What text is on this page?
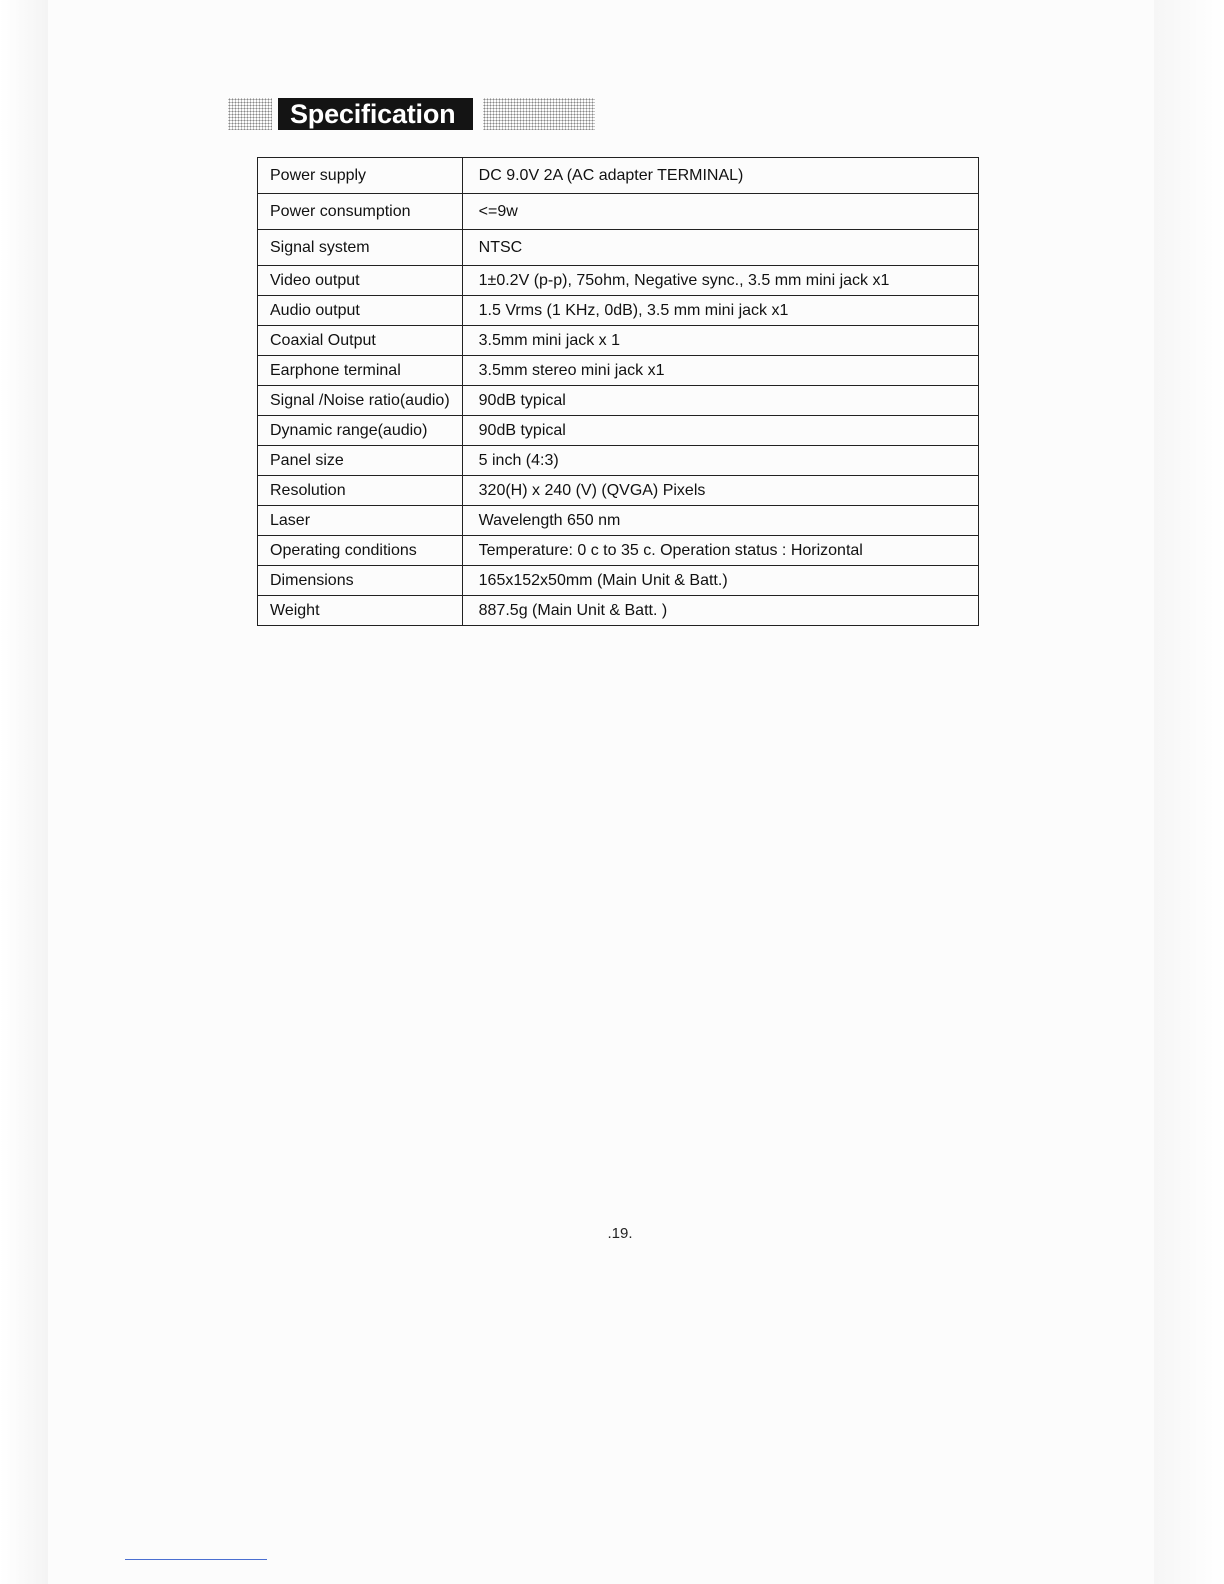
Specification
Power supply	DC 9.0V 2A (AC adapter TERMINAL)
Power consumption	<=9w
Signal system	NTSC
Video output	1±0.2V (p-p), 75ohm, Negative sync., 3.5 mm mini jack x1
Audio output	1.5 Vrms (1 KHz, 0dB), 3.5 mm mini jack x1
Coaxial Output	3.5mm mini jack x 1
Earphone terminal	3.5mm stereo mini jack x1
Signal /Noise ratio(audio)	90dB typical
Dynamic range(audio)	90dB typical
Panel size	5 inch (4:3)
Resolution	320(H) x 240 (V) (QVGA) Pixels
Laser	Wavelength 650 nm
Operating conditions	Temperature: 0 c to 35 c. Operation status : Horizontal
Dimensions	165x152x50mm (Main Unit & Batt.)
Weight	887.5g (Main Unit & Batt. )
.19.
